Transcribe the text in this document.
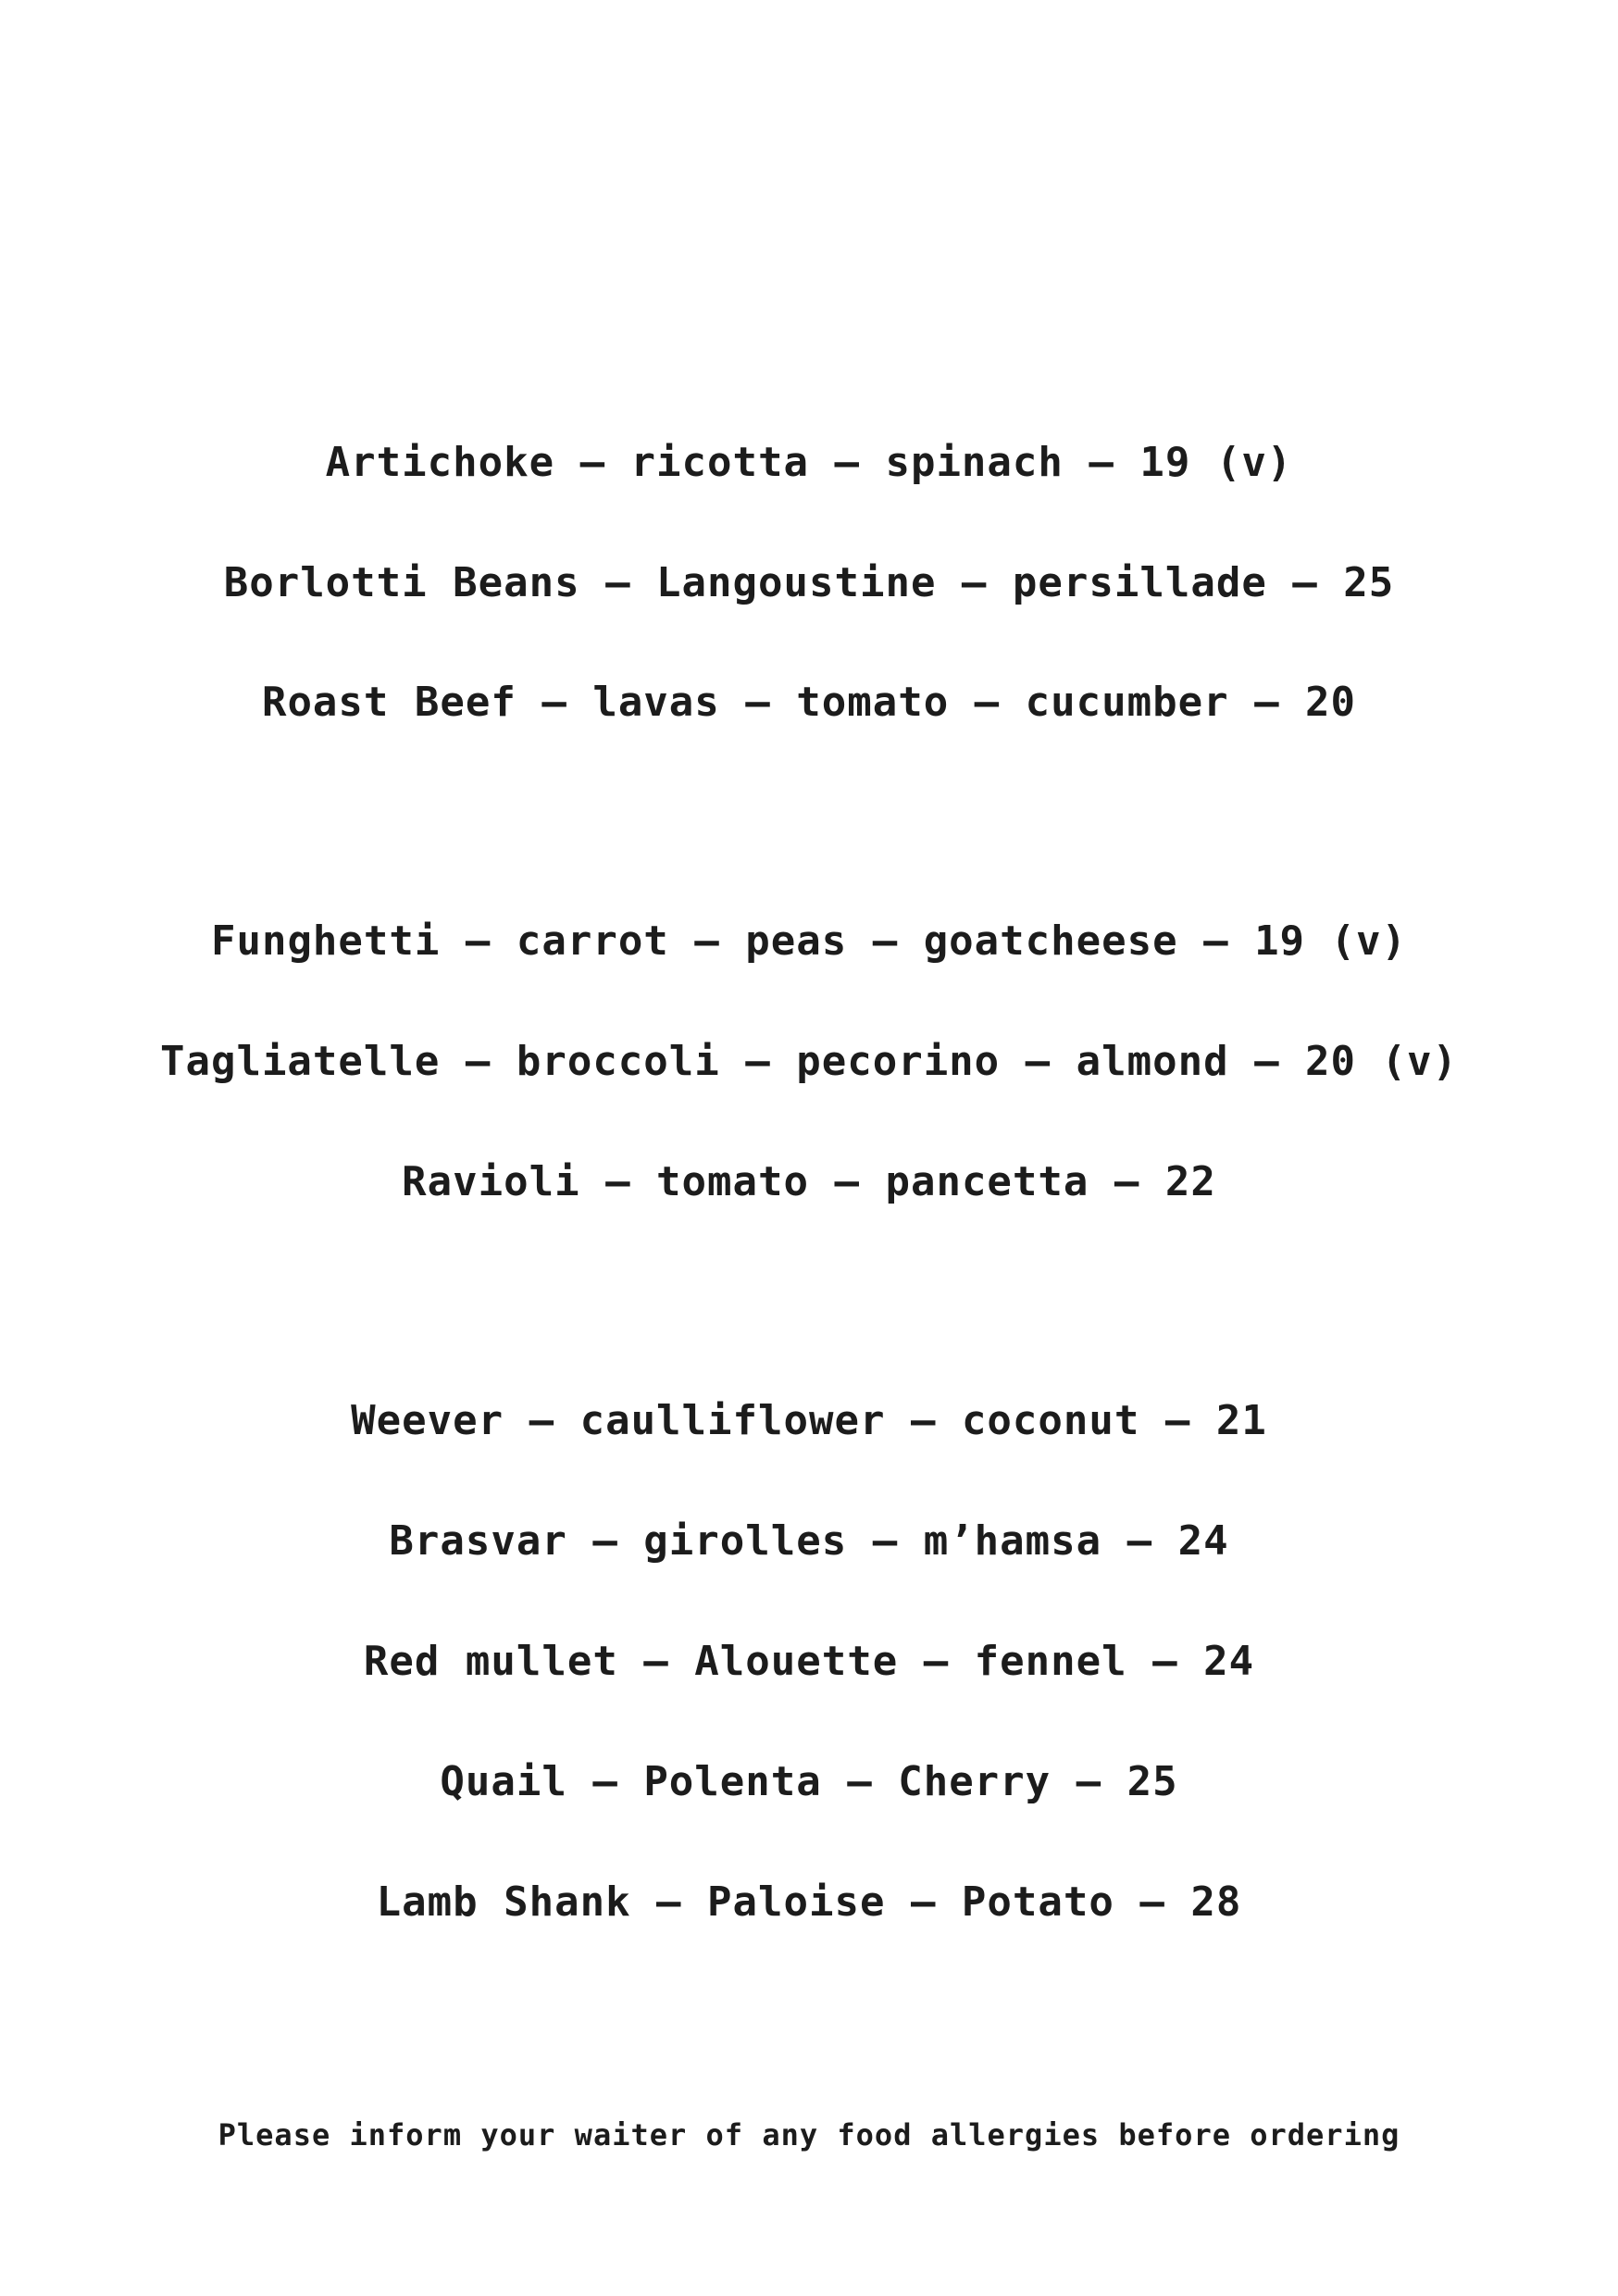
Artichoke – ricotta – spinach – 19 (v)
Borlotti Beans – Langoustine – persillade – 25
Roast Beef – lavas – tomato – cucumber – 20
Funghetti – carrot – peas – goatcheese – 19 (v)
Tagliatelle – broccoli – pecorino – almond – 20 (v)
Ravioli – tomato – pancetta – 22
Weever – caulliflower – coconut – 21
Brasvar – girolles – m’hamsa – 24
Red mullet – Alouette – fennel – 24
Quail – Polenta – Cherry – 25
Lamb Shank – Paloise – Potato – 28
Please inform your waiter of any food allergies before ordering
